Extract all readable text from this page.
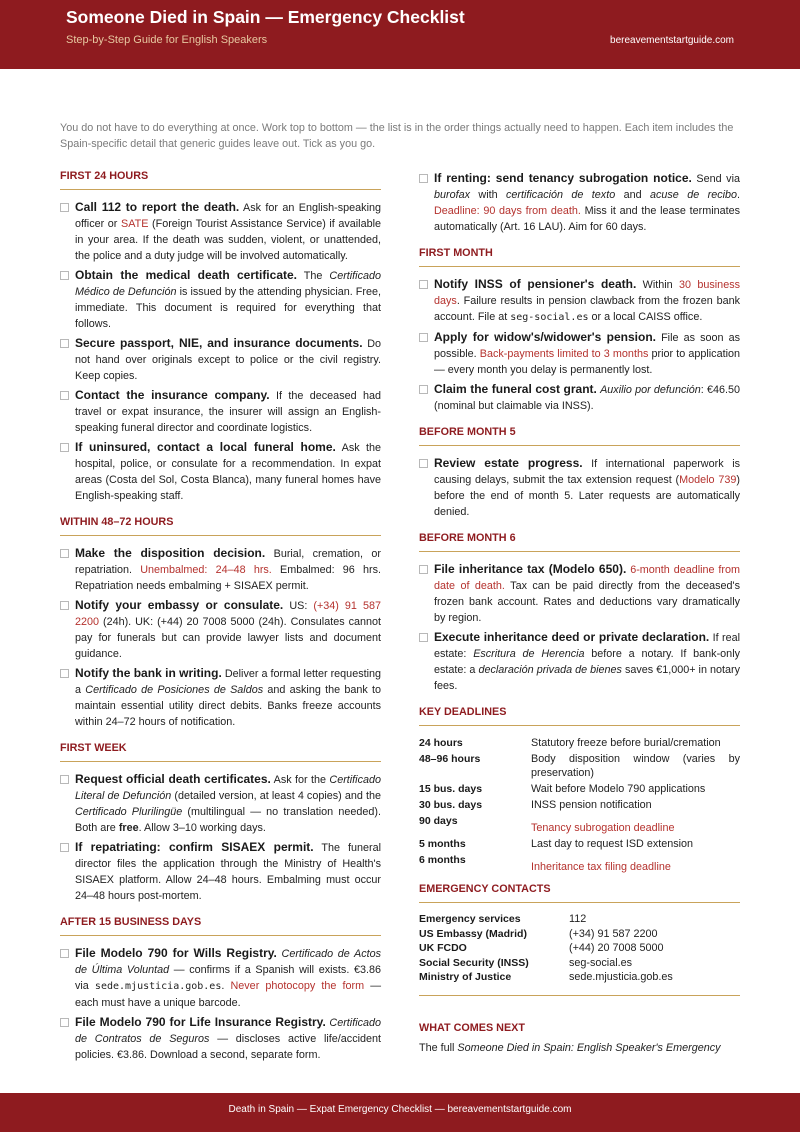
Someone Died in Spain — Emergency Checklist
Step-by-Step Guide for English Speakers	bereavementstartguide.com
You do not have to do everything at once. Work top to bottom — the list is in the order things actually need to happen. Each item includes the Spain-specific detail that generic guides leave out. Tick as you go.
FIRST 24 HOURS
Call 112 to report the death. Ask for an English-speaking officer or SATE (Foreign Tourist Assistance Service) if available in your area. If the death was sudden, violent, or unattended, the police and a duty judge will be involved automatically.
Obtain the medical death certificate. The Certificado Médico de Defunción is issued by the attending physician. Free, immediate. This document is required for everything that follows.
Secure passport, NIE, and insurance documents. Do not hand over originals except to police or the civil registry. Keep copies.
Contact the insurance company. If the deceased had travel or expat insurance, the insurer will assign an English-speaking funeral director and coordinate logistics.
If uninsured, contact a local funeral home. Ask the hospital, police, or consulate for a recommendation. In expat areas (Costa del Sol, Costa Blanca), many funeral homes have English-speaking staff.
WITHIN 48–72 HOURS
Make the disposition decision. Burial, cremation, or repatriation. Unembalmed: 24–48 hrs. Embalmed: 96 hrs. Repatriation needs embalming + SISAEX permit.
Notify your embassy or consulate. US: (+34) 91 587 2200 (24h). UK: (+44) 20 7008 5000 (24h). Consulates cannot pay for funerals but can provide lawyer lists and document guidance.
Notify the bank in writing. Deliver a formal letter requesting a Certificado de Posiciones de Saldos and asking the bank to maintain essential utility direct debits. Banks freeze accounts within 24–72 hours of notification.
FIRST WEEK
Request official death certificates. Ask for the Certificado Literal de Defunción (detailed version, at least 4 copies) and the Certificado Plurilingüe (multilingual — no translation needed). Both are free. Allow 3–10 working days.
If repatriating: confirm SISAEX permit. The funeral director files the application through the Ministry of Health's SISAEX platform. Allow 24–48 hours. Embalming must occur 24–48 hours post-mortem.
AFTER 15 BUSINESS DAYS
File Modelo 790 for Wills Registry. Certificado de Actos de Última Voluntad — confirms if a Spanish will exists. €3.86 via sede.mjusticia.gob.es. Never photocopy the form — each must have a unique barcode.
File Modelo 790 for Life Insurance Registry. Certificado de Contratos de Seguros — discloses active life/accident policies. €3.86. Download a second, separate form.
If renting: send tenancy subrogation notice. Send via burofax with certificación de texto and acuse de recibo. Deadline: 90 days from death. Miss it and the lease terminates automatically (Art. 16 LAU). Aim for 60 days.
FIRST MONTH
Notify INSS of pensioner's death. Within 30 business days. Failure results in pension clawback from the frozen bank account. File at seg-social.es or a local CAISS office.
Apply for widow's/widower's pension. File as soon as possible. Back-payments limited to 3 months prior to application — every month you delay is permanently lost.
Claim the funeral cost grant. Auxilio por defunción: €46.50 (nominal but claimable via INSS).
BEFORE MONTH 5
Review estate progress. If international paperwork is causing delays, submit the tax extension request (Modelo 739) before the end of month 5. Later requests are automatically denied.
BEFORE MONTH 6
File inheritance tax (Modelo 650). 6-month deadline from date of death. Tax can be paid directly from the deceased's frozen bank account. Rates and deductions vary dramatically by region.
Execute inheritance deed or private declaration. If real estate: Escritura de Herencia before a notary. If bank-only estate: a declaración privada de bienes saves €1,000+ in notary fees.
KEY DEADLINES
24 hours	Statutory freeze before burial/cremation
48–96 hours	Body disposition window (varies by preservation)
15 bus. days	Wait before Modelo 790 applications
30 bus. days	INSS pension notification
90 days	Tenancy subrogation deadline
5 months	Last day to request ISD extension
6 months	Inheritance tax filing deadline
EMERGENCY CONTACTS
Emergency services	112
US Embassy (Madrid)	(+34) 91 587 2200
UK FCDO	(+44) 20 7008 5000
Social Security (INSS)	seg-social.es
Ministry of Justice	sede.mjusticia.gob.es
WHAT COMES NEXT
The full Someone Died in Spain: English Speaker's Emergency
Death in Spain — Expat Emergency Checklist — bereavementstartguide.com
